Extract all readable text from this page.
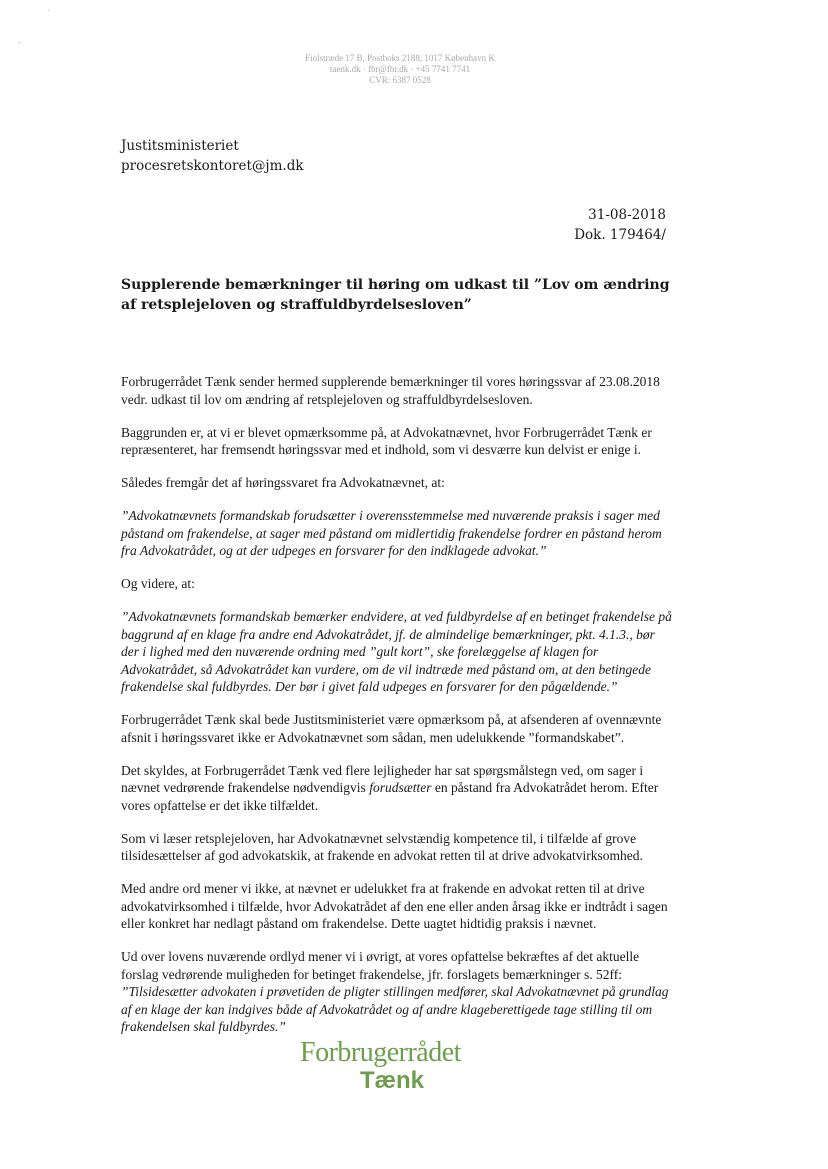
`
-
Fiolstræde 17 B, Postboks 2188, 1017 København K
taenk.dk · fbr@fbr.dk · +45 7741 7741
CVR: 6387 0528
Justitsministeriet
procesretskontoret@jm.dk
31-08-2018
Dok. 179464/
Supplerende bemærkninger til høring om udkast til ”Lov om ændring af retsplejeloven og straffuldbyrdelsesloven”

Forbrugerrådet Tænk sender hermed supplerende bemærkninger til vores høringssvar af 23.08.2018 vedr. udkast til lov om ændring af retsplejeloven og straffuldbyrdelsesloven.

Baggrunden er, at vi er blevet opmærksomme på, at Advokatnævnet, hvor Forbrugerrådet Tænk er repræsenteret, har fremsendt høringssvar med et indhold, som vi desværre kun delvist er enige i.

Således fremgår det af høringssvaret fra Advokatnævnet, at:

”Advokatnævnets formandskab forudsætter i overensstemmelse med nuværende praksis i sager med påstand om frakendelse, at sager med påstand om midlertidig frakendelse fordrer en påstand herom fra Advokatrådet, og at der udpeges en forsvarer for den indklagede advokat.”

Og videre, at:

”Advokatnævnets formandskab bemærker endvidere, at ved fuldbyrdelse af en betinget frakendelse på baggrund af en klage fra andre end Advokatrådet, jf. de almindelige bemærkninger, pkt. 4.1.3., bør der i lighed med den nuværende ordning med ”gult kort”, ske forelæggelse af klagen for Advokatrådet, så Advokatrådet kan vurdere, om de vil indtræde med påstand om, at den betingede frakendelse skal fuldbyrdes. Der bør i givet fald udpeges en forsvarer for den pågældende.”

Forbrugerrådet Tænk skal bede Justitsministeriet være opmærksom på, at afsenderen af ovennævnte afsnit i høringssvaret ikke er Advokatnævnet som sådan, men udelukkende ”formandskabet”.

Det skyldes, at Forbrugerrådet Tænk ved flere lejligheder har sat spørgsmålstegn ved, om sager i nævnet vedrørende frakendelse nødvendigvis forudsætter en påstand fra Advokatrådet herom. Efter vores opfattelse er det ikke tilfældet.

Som vi læser retsplejeloven, har Advokatnævnet selvstændig kompetence til, i tilfælde af grove tilsidesættelser af god advokatskik, at frakende en advokat retten til at drive advokatvirksomhed.

Med andre ord mener vi ikke, at nævnet er udelukket fra at frakende en advokat retten til at drive advokatvirksomhed i tilfælde, hvor Advokatrådet af den ene eller anden årsag ikke er indtrådt i sagen eller konkret har nedlagt påstand om frakendelse. Dette uagtet hidtidig praksis i nævnet.

Ud over lovens nuværende ordlyd mener vi i øvrigt, at vores opfattelse bekræftes af det aktuelle forslag vedrørende muligheden for betinget frakendelse, jfr. forslagets bemærkninger s. 52ff: ”Tilsidesætter advokaten i prøvetiden de pligter stillingen medfører, skal Advokatnævnet på grundlag af en klage der kan indgives både af Advokatrådet og af andre klageberettigede tage stilling til om frakendelsen skal fuldbyrdes.”

Forbrugerrådet
Tænk
